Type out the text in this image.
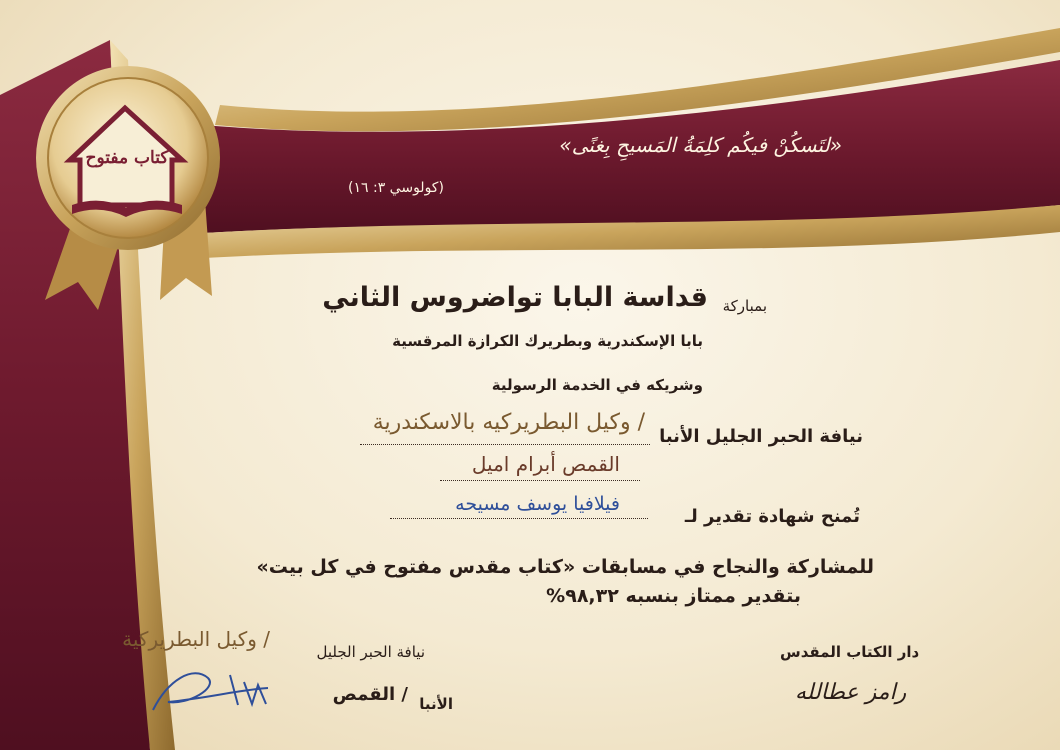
كتاب مفتوح
«لتَسكُنْ فيكُم كلِمَةُ المَسيحِ بِغنًى»
(كولوسي ٣: ١٦)
بمباركة
قداسة البابا تواضروس الثاني
بابا الإسكندرية وبطريرك الكرازة المرقسية
وشريكه في الخدمة الرسولية
نيافة الحبر الجليل الأنبا
/ وكيل البطريركيه بالاسكندرية
القمص أبرام اميل
تُمنح شهادة تقدير لـ
فيلافيا يوسف مسيحه
للمشاركة والنجاح في مسابقات «كتاب مقدس مفتوح في كل بيت»
بتقدير ممتاز بنسبه ٩٨,٣٢%
نيافة الحبر الجليل
/ وكيل البطريركية
الأنبا
/ القمص
دار الكتاب المقدس
رامز عطالله
